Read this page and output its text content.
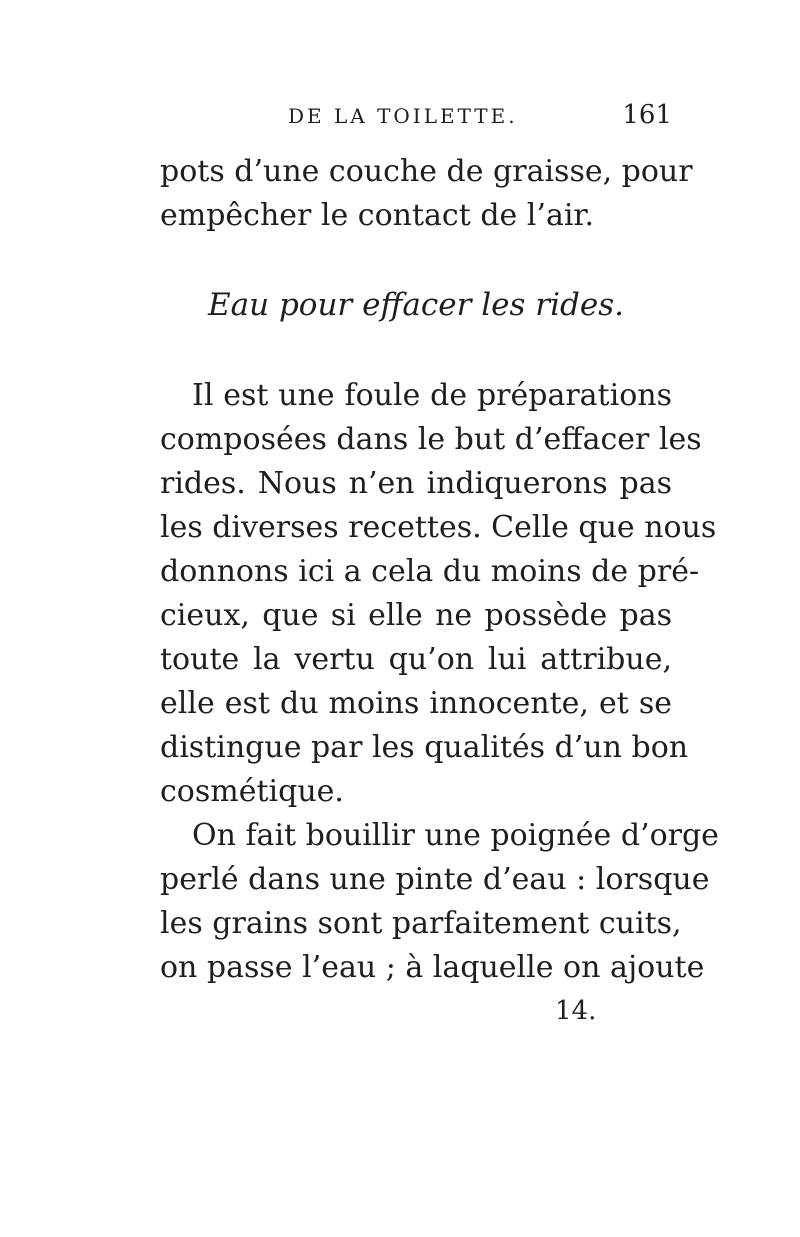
DE LA TOILETTE.	161
pots d’une couche de graisse, pour
empêcher le contact de l’air.
Eau pour effacer les rides.
Il est une foule de préparations
composées dans le but d’effacer les
rides. Nous n’en indiquerons pas
les diverses recettes. Celle que nous
donnons ici a cela du moins de pré-
cieux, que si elle ne possède pas
toute la vertu qu’on lui attribue,
elle est du moins innocente, et se
distingue par les qualités d’un bon
cosmétique.
On fait bouillir une poignée d’orge
perlé dans une pinte d’eau : lorsque
les grains sont parfaitement cuits,
on passe l’eau ; à laquelle on ajoute
14.
